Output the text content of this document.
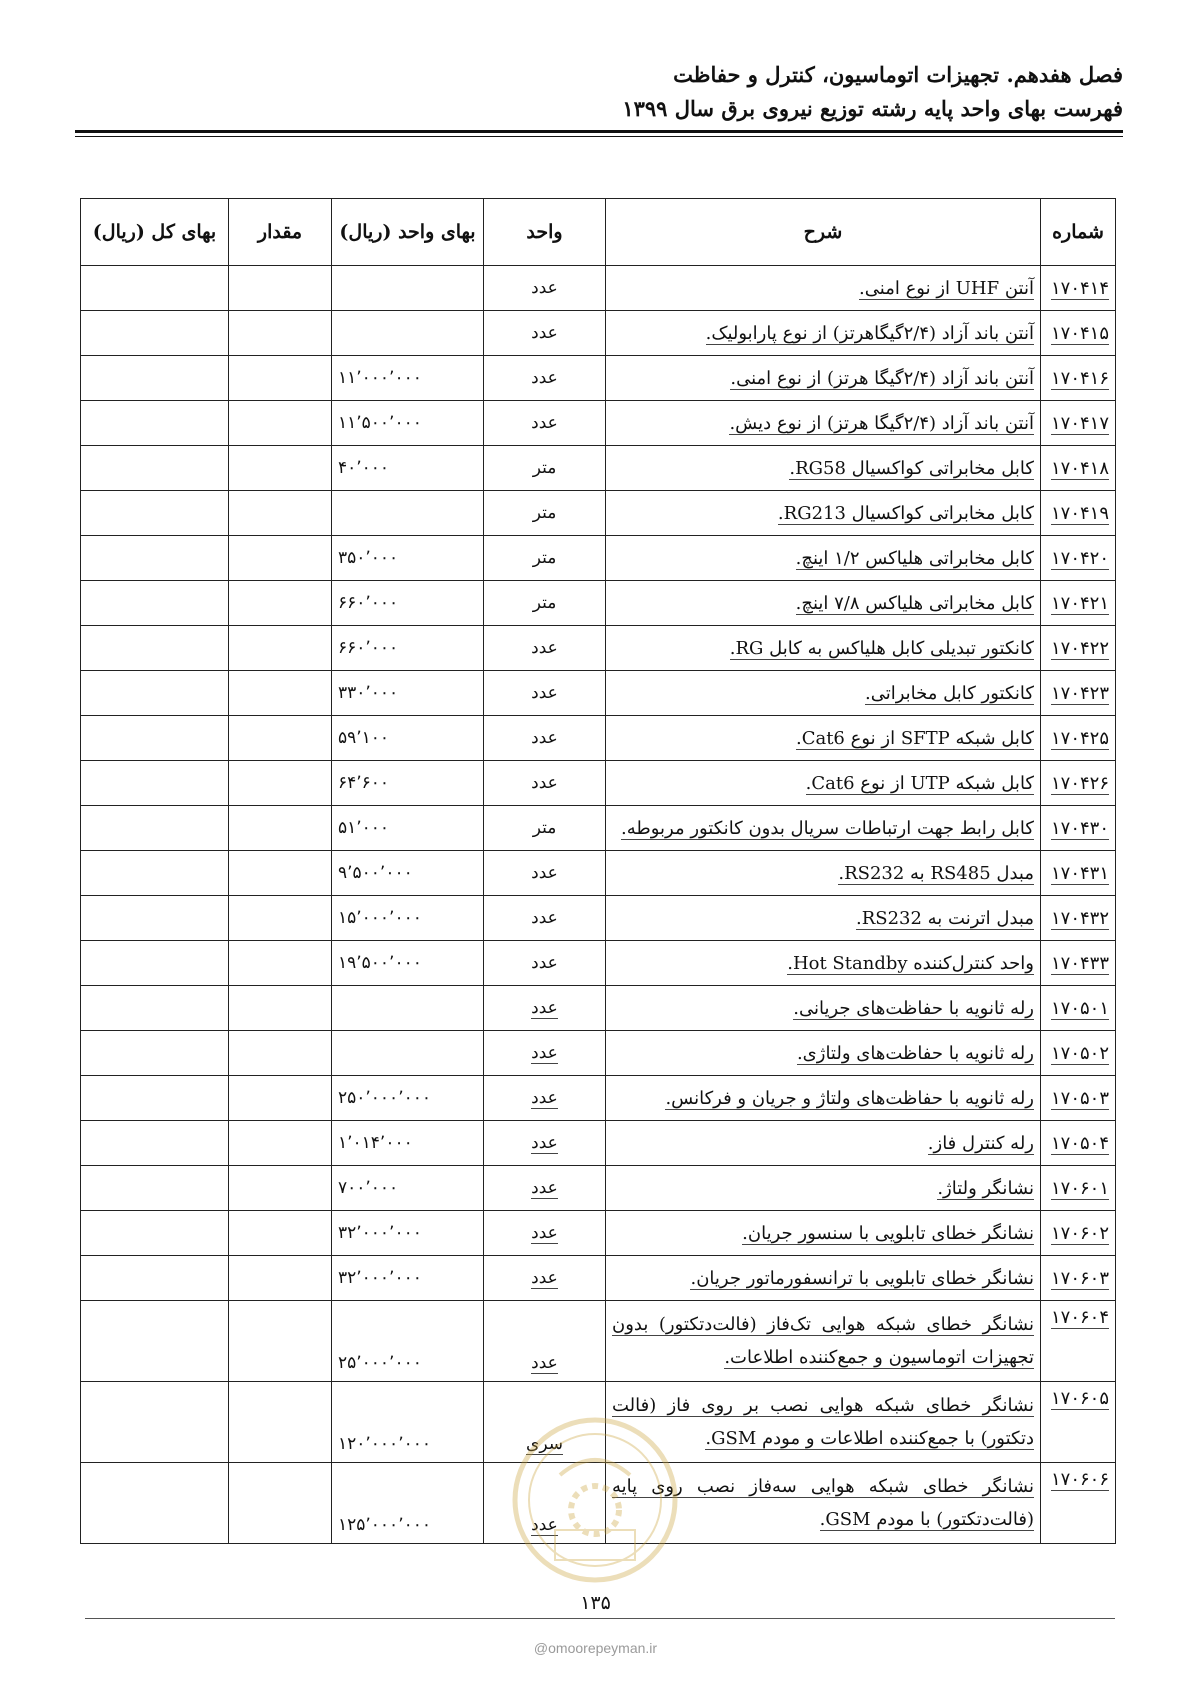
فصل هفدهم. تجهیزات اتوماسیون، کنترل و حفاظت
فهرست بهای واحد پایه رشته توزیع نیروی برق سال ۱۳۹۹
شماره	شرح	واحد	بهای واحد (ریال)	مقدار	بهای کل (ریال)
۱۷۰۴۱۴	آنتن UHF از نوع امنی.	عدد			
۱۷۰۴۱۵	آنتن باند آزاد (۲/۴گیگاهرتز) از نوع پارابولیک.	عدد			
۱۷۰۴۱۶	آنتن باند آزاد (۲/۴گیگا هرتز) از نوع امنی.	عدد	۱۱٬۰۰۰٬۰۰۰		
۱۷۰۴۱۷	آنتن باند آزاد (۲/۴گیگا هرتز) از نوع دیش.	عدد	۱۱٬۵۰۰٬۰۰۰		
۱۷۰۴۱۸	کابل مخابراتی کواکسیال RG58.	متر	۴۰٬۰۰۰		
۱۷۰۴۱۹	کابل مخابراتی کواکسیال RG213.	متر			
۱۷۰۴۲۰	کابل مخابراتی هلیاکس ۱/۲ اینچ.	متر	۳۵۰٬۰۰۰		
۱۷۰۴۲۱	کابل مخابراتی هلیاکس ۷/۸ اینچ.	متر	۶۶۰٬۰۰۰		
۱۷۰۴۲۲	کانکتور تبدیلی کابل هلیاکس به کابل RG.	عدد	۶۶۰٬۰۰۰		
۱۷۰۴۲۳	کانکتور کابل مخابراتی.	عدد	۳۳۰٬۰۰۰		
۱۷۰۴۲۵	کابل شبکه SFTP از نوع Cat6.	عدد	۵۹٬۱۰۰		
۱۷۰۴۲۶	کابل شبکه UTP از نوع Cat6.	عدد	۶۴٬۶۰۰		
۱۷۰۴۳۰	کابل رابط جهت ارتباطات سریال بدون کانکتور مربوطه.	متر	۵۱٬۰۰۰		
۱۷۰۴۳۱	مبدل RS485 به RS232.	عدد	۹٬۵۰۰٬۰۰۰		
۱۷۰۴۳۲	مبدل اترنت به RS232.	عدد	۱۵٬۰۰۰٬۰۰۰		
۱۷۰۴۳۳	واحد کنترل‌کننده Hot Standby.	عدد	۱۹٬۵۰۰٬۰۰۰		
۱۷۰۵۰۱	رله ثانویه با حفاظت‌های جریانی.	عدد			
۱۷۰۵۰۲	رله ثانویه با حفاظت‌های ولتاژی.	عدد			
۱۷۰۵۰۳	رله ثانویه با حفاظت‌های ولتاژ و جریان و فرکانس.	عدد	۲۵۰٬۰۰۰٬۰۰۰		
۱۷۰۵۰۴	رله کنترل فاز.	عدد	۱٬۰۱۴٬۰۰۰		
۱۷۰۶۰۱	نشانگر ولتاژ.	عدد	۷۰۰٬۰۰۰		
۱۷۰۶۰۲	نشانگر خطای تابلویی با سنسور جریان.	عدد	۳۲٬۰۰۰٬۰۰۰		
۱۷۰۶۰۳	نشانگر خطای تابلویی با ترانسفورماتور جریان.	عدد	۳۲٬۰۰۰٬۰۰۰		
۱۷۰۶۰۴	نشانگر خطای شبکه هوایی تک‌فاز (فالت‌دتکتور) بدون تجهیزات اتوماسیون و جمع‌کننده اطلاعات.	عدد	۲۵٬۰۰۰٬۰۰۰		
۱۷۰۶۰۵	نشانگر خطای شبکه هوایی نصب بر روی فاز (فالت دتکتور) با جمع‌کننده اطلاعات و مودم GSM.	سری	۱۲۰٬۰۰۰٬۰۰۰		
۱۷۰۶۰۶	نشانگر خطای شبکه هوایی سه‌فاز نصب روی پایه (فالت‌دتکتور) با مودم GSM.	عدد	۱۲۵٬۰۰۰٬۰۰۰		
۱۳۵
@omoorepeyman.ir
